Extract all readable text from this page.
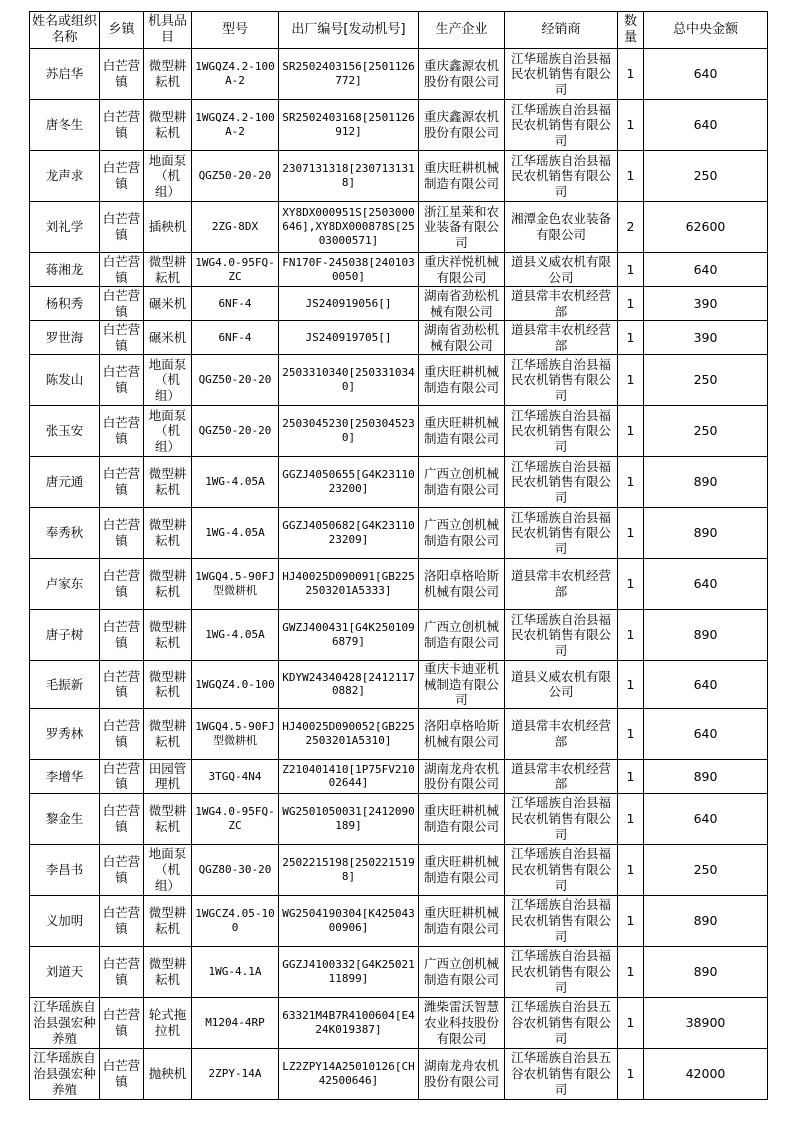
姓名或组织名称	乡镇	机具品目	型号	出厂编号[发动机号]	生产企业	经销商	数量	总中央金额

苏启华	白芒营镇	微型耕耘机	1WGQZ4.2-100A-2	SR2502403156[2501126772]	重庆鑫源农机股份有限公司	江华瑶族自治县福民农机销售有限公司	1	640

唐冬生	白芒营镇	微型耕耘机	1WGQZ4.2-100A-2	SR2502403168[2501126912]	重庆鑫源农机股份有限公司	江华瑶族自治县福民农机销售有限公司	1	640

龙声求	白芒营镇	地面泵（机组）	QGZ50-20-20	2307131318[2307131318]	重庆旺耕机械制造有限公司	江华瑶族自治县福民农机销售有限公司	1	250

刘礼学	白芒营镇	插秧机	2ZG-8DX	XY8DX000951S[2503000646],XY8DX000878S[2503000571]	浙江星莱和农业装备有限公司	湘潭金色农业装备有限公司	2	62600

蒋湘龙	白芒营镇	微型耕耘机	1WG4.0-95FQ-ZC	FN170F-245038[2401030050]	重庆祥悦机械有限公司	道县义威农机有限公司	1	640

杨积秀	白芒营镇	碾米机	6NF-4	JS240919056[]	湖南省劲松机械有限公司	道县常丰农机经营部	1	390

罗世海	白芒营镇	碾米机	6NF-4	JS240919705[]	湖南省劲松机械有限公司	道县常丰农机经营部	1	390

陈发山	白芒营镇	地面泵（机组）	QGZ50-20-20	2503310340[2503310340]	重庆旺耕机械制造有限公司	江华瑶族自治县福民农机销售有限公司	1	250

张玉安	白芒营镇	地面泵（机组）	QGZ50-20-20	2503045230[2503045230]	重庆旺耕机械制造有限公司	江华瑶族自治县福民农机销售有限公司	1	250

唐元通	白芒营镇	微型耕耘机	1WG-4.05A	GGZJ4050655[G4K2311023200]	广西立创机械制造有限公司	江华瑶族自治县福民农机销售有限公司	1	890

奉秀秋	白芒营镇	微型耕耘机	1WG-4.05A	GGZJ4050682[G4K2311023209]	广西立创机械制造有限公司	江华瑶族自治县福民农机销售有限公司	1	890

卢家东	白芒营镇	微型耕耘机	1WGQ4.5-90FJ型微耕机	HJ40025D090091[GB2252503201A5333]	洛阳卓格哈斯机械有限公司	道县常丰农机经营部	1	640

唐子树	白芒营镇	微型耕耘机	1WG-4.05A	GWZJ400431[G4K2501096879]	广西立创机械制造有限公司	江华瑶族自治县福民农机销售有限公司	1	890

毛振新	白芒营镇	微型耕耘机	1WGQZ4.0-100	KDYW24340428[24121170882]	重庆卡迪亚机械制造有限公司	道县义威农机有限公司	1	640

罗秀林	白芒营镇	微型耕耘机	1WGQ4.5-90FJ型微耕机	HJ40025D090052[GB2252503201A5310]	洛阳卓格哈斯机械有限公司	道县常丰农机经营部	1	640

李增华	白芒营镇	田园管理机	3TGQ-4N4	Z210401410[1P75FV21002644]	湖南龙舟农机股份有限公司	道县常丰农机经营部	1	890

黎金生	白芒营镇	微型耕耘机	1WG4.0-95FQ-ZC	WG2501050031[2412090189]	重庆旺耕机械制造有限公司	江华瑶族自治县福民农机销售有限公司	1	640

李昌书	白芒营镇	地面泵（机组）	QGZ80-30-20	2502215198[2502215198]	重庆旺耕机械制造有限公司	江华瑶族自治县福民农机销售有限公司	1	250

义加明	白芒营镇	微型耕耘机	1WGCZ4.05-100	WG2504190304[K42504300906]	重庆旺耕机械制造有限公司	江华瑶族自治县福民农机销售有限公司	1	890

刘道天	白芒营镇	微型耕耘机	1WG-4.1A	GGZJ4100332[G4K2502111899]	广西立创机械制造有限公司	江华瑶族自治县福民农机销售有限公司	1	890

江华瑶族自治县强宏种养殖	白芒营镇	轮式拖拉机	M1204-4RP	63321M4B7R4100604[E424K019387]	潍柴雷沃智慧农业科技股份有限公司	江华瑶族自治县五谷农机销售有限公司	1	38900

江华瑶族自治县强宏种养殖	白芒营镇	抛秧机	2ZPY-14A	LZ2ZPY14A25010126[CH42500646]	湖南龙舟农机股份有限公司	江华瑶族自治县五谷农机销售有限公司	1	42000
